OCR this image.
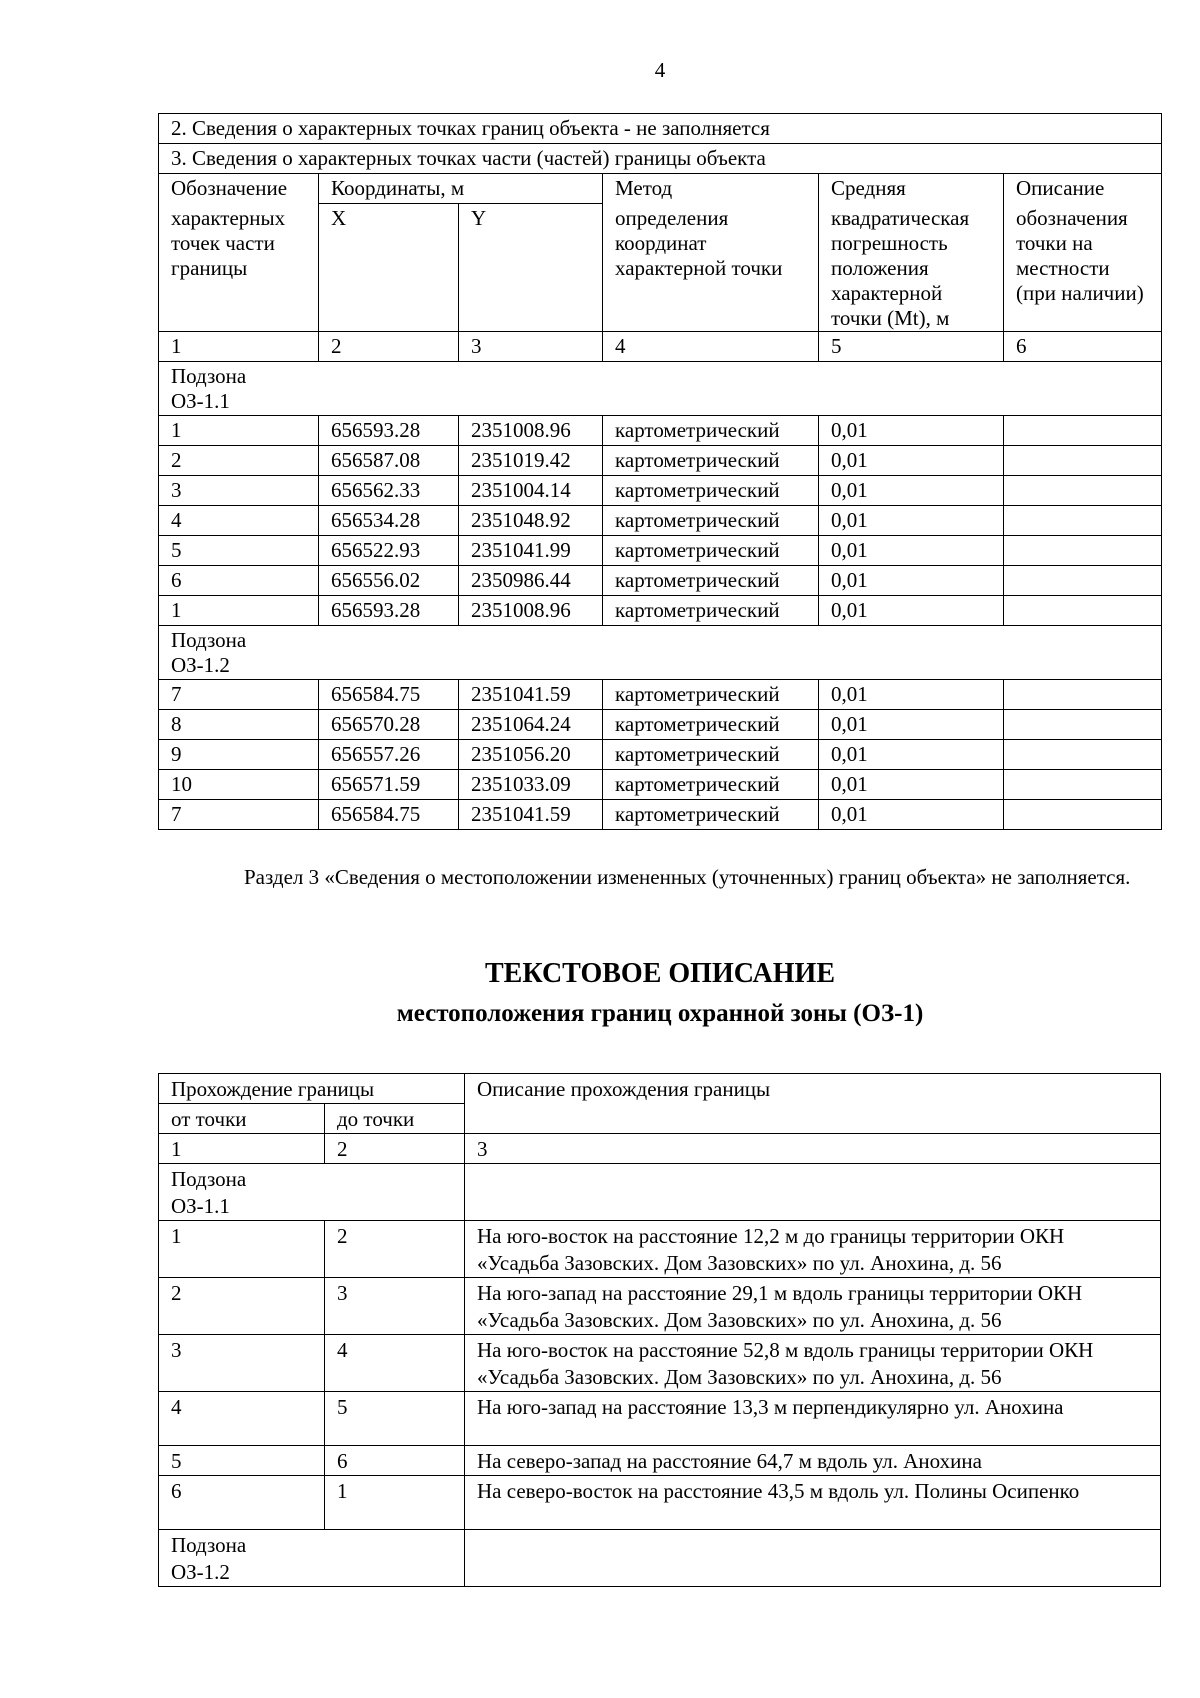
4
2. Сведения о характерных точках границ объекта - не заполняется					
3. Сведения о характерных точках части (частей) границы объекта					
Обозначение	Координаты, м		Метод	Средняя	Описание
характерных точек части границы	X	Y	определения координат характерной точки	квадратическая погрешность положения характерной точки (Mt), м	обозначения точки на местности (при наличии)
1	2	3	4	5	6

Подзона ОЗ-1.1					

1	656593.28	2351008.96	картометрический	0,01	
2	656587.08	2351019.42	картометрический	0,01	
3	656562.33	2351004.14	картометрический	0,01	
4	656534.28	2351048.92	картометрический	0,01	
5	656522.93	2351041.99	картометрический	0,01	
6	656556.02	2350986.44	картометрический	0,01	
1	656593.28	2351008.96	картометрический	0,01	

Подзона ОЗ-1.2					

7	656584.75	2351041.59	картометрический	0,01	
8	656570.28	2351064.24	картометрический	0,01	
9	656557.26	2351056.20	картометрический	0,01	
10	656571.59	2351033.09	картометрический	0,01	
7	656584.75	2351041.59	картометрический	0,01	
Раздел 3 «Сведения о местоположении измененных (уточненных) границ объекта» не заполняется.
ТЕКСТОВОЕ ОПИСАНИЕ
местоположения границ охранной зоны (ОЗ-1)
Прохождение границы		Описание прохождения границы
от точки	до точки	
1	2	3

Подзона ОЗ-1.1		

1	2	На юго-восток на расстояние 12,2 м до границы территории ОКН «Усадьба Зазовских. Дом Зазовских» по ул. Анохина, д. 56
2	3	На юго-запад на расстояние 29,1 м вдоль границы территории ОКН «Усадьба Зазовских. Дом Зазовских» по ул. Анохина, д. 56
3	4	На юго-восток на расстояние 52,8 м вдоль границы территории ОКН «Усадьба Зазовских. Дом Зазовских» по ул. Анохина, д. 56
4	5	На юго-запад на расстояние 13,3 м перпендикулярно ул. Анохина
5	6	На северо-запад на расстояние 64,7 м вдоль ул. Анохина
6	1	На северо-восток на расстояние 43,5 м вдоль ул. Полины Осипенко

Подзона ОЗ-1.2		
